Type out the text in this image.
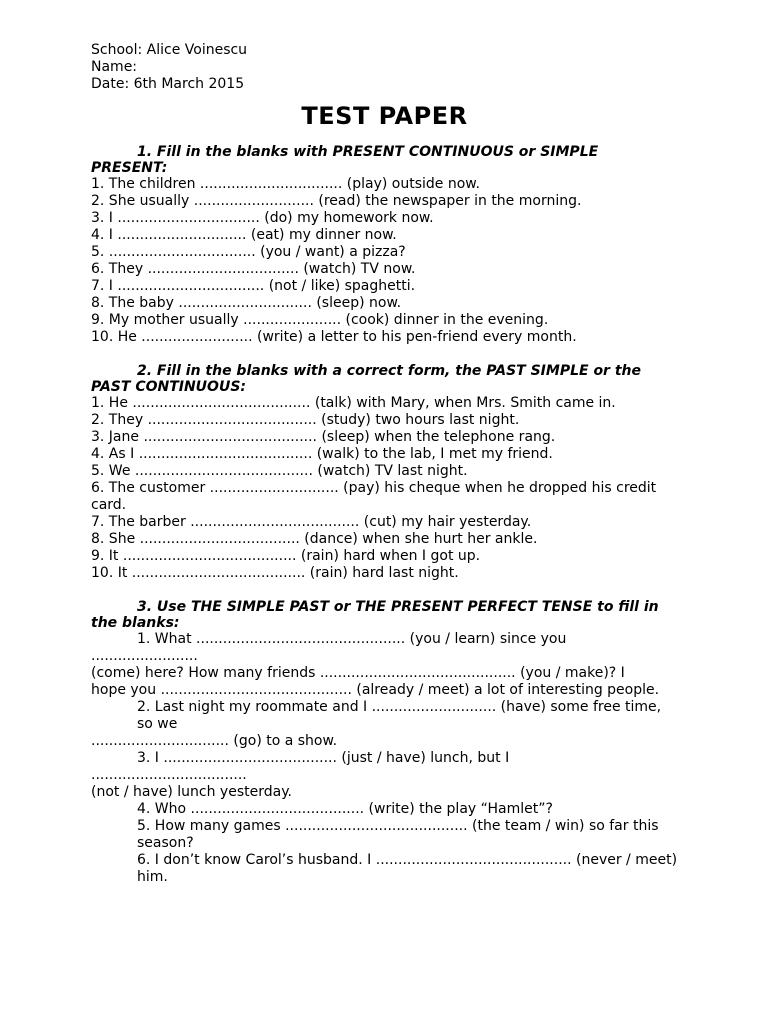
School: Alice Voinescu
Name:
Date: 6th March 2015
TEST PAPER
1. Fill in the blanks with PRESENT CONTINUOUS or SIMPLE PRESENT:
1. The children ................................ (play) outside now.
2. She usually ........................... (read) the newspaper in the morning.
3. I ................................ (do) my homework now.
4. I ............................. (eat) my dinner now.
5. ................................. (you / want) a pizza?
6. They .................................. (watch) TV now.
7. I ................................. (not / like) spaghetti.
8. The baby .............................. (sleep) now.
9. My mother usually ...................... (cook) dinner in the evening.
10. He ......................... (write) a letter to his pen-friend every month.
2. Fill in the blanks with a correct form, the PAST SIMPLE or the PAST CONTINUOUS:
1. He ........................................ (talk) with Mary, when Mrs. Smith came in.
2. They ...................................... (study) two hours last night.
3. Jane ....................................... (sleep) when the telephone rang.
4. As I ....................................... (walk) to the lab, I met my friend.
5. We ........................................ (watch) TV last night.
6. The customer ............................. (pay) his cheque when he dropped his credit card.
7. The barber ...................................... (cut) my hair yesterday.
8. She .................................... (dance) when she hurt her ankle.
9. It ....................................... (rain) hard when I got up.
10. It ....................................... (rain) hard last night.
3. Use THE SIMPLE PAST or THE PRESENT PERFECT TENSE to fill in the blanks:
1. What ............................................... (you / learn) since you
........................
(come) here? How many friends ............................................ (you / make)? I
hope you ........................................... (already / meet) a lot of interesting people.
2. Last night my roommate and I ............................ (have) some free time, so we
............................... (go) to a show.
3. I ....................................... (just / have) lunch, but I
...................................
(not / have) lunch yesterday.
4. Who ....................................... (write) the play “Hamlet”?
5. How many games ......................................... (the team / win) so far this season?
6. I don’t know Carol’s husband. I ............................................ (never / meet) him.
